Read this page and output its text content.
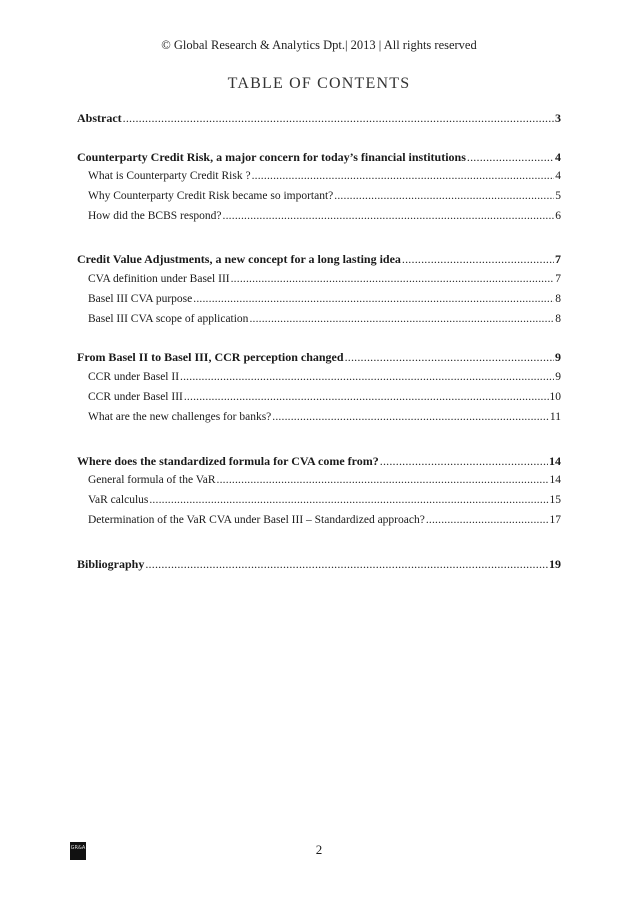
© Global Research & Analytics Dpt.| 2013 | All rights reserved
TABLE OF CONTENTS
Abstract .....	3
Counterparty Credit Risk, a major concern for today’s financial institutions .....	4
What is Counterparty Credit Risk ? .....	4
Why Counterparty Credit Risk became so important? .....	5
How did the BCBS respond? .....	6
Credit Value Adjustments, a new concept for a long lasting idea .....	7
CVA definition under Basel III .....	7
Basel III CVA purpose .....	8
Basel III CVA scope of application .....	8
From Basel II to Basel III, CCR perception changed .....	9
CCR under Basel II .....	9
CCR under Basel III .....	10
What are the new challenges for banks? .....	11
Where does the standardized formula for CVA come from? .....	14
General formula of the VaR .....	14
VaR calculus .....	15
Determination of the VaR CVA under Basel III – Standardized approach? .....	17
Bibliography .....	19
GR&A	2
